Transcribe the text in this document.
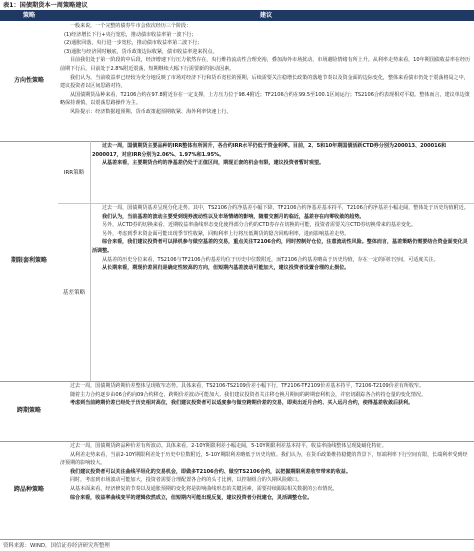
表1：国债期货本一周策略建议
策略	建议
方向性策略

一般来说，一个完整的债券牛市会依次经历三个阶段：

(1)经济增长下行+央行宽松，推动债市收益率第一波下行；

(2)通胀回落，央行进一步宽松，推动债市收益率第二波下行；

(3)通胀与经济同时触底，货币政策边际收紧，债市收益率迎来拐点。

目前我们处于第一阶段的中后段，经济增速下行压力依然存在，央行维持流动性合理充裕，叠加海外市场扰动，市场避险情绪有所上升。从利率走势来看，10年期国债收益率在经历前期下行后，目前处于2.8%附近震荡，短期继续大幅下行需要新的驱动因素。

我们认为，当前收益率已经较为充分地反映了市场对经济下行和货币宽松的预期，后续需要关注稳增长政策的落地节奏以及资金面的边际变化，整体来看债市仍处于震荡格局之中，建议投资者以区间思路对待。

从国债期货品种来看，T2106合约在97.8附近存在一定支撑，上方压力位于98.4附近；TF2106合约在99.5至100.1区间运行；TS2106合约表现相对平稳。整体而言，建议单边策略保持谨慎，以震荡思路操作为主。

风险提示：经济数据超预期、货币政策超预期收紧、海外利率快速上行。

期限套利策略
IRR策略

过去一周，国债期货主要品种的IRR整体有所回升，各合约IRR水平仍低于资金利率。目前，2、5和10年期国债活跃CTD券分别为200013、200016和2000017，对应IRR分别为2.06%、1.97%和1.95%。

从基差来看，主要期货合约的净基差仍处于正值区间，期现正套的机会有限，建议投资者暂时观望。

基差策略

过去一周，国债期货基差呈现分化走势。其中，TS2106合约净基差小幅下降，TF2106合约净基差基本持平，T2106合约净基差小幅走阔，整体处于历史均值附近。

我们认为，当前基差的波动主要受到现券流动性以及市场情绪的影响，随着交割月的临近，基差存在向零收敛的趋势。

另外，从CTD券的切换来看，近期收益率曲线形态变化使得部分合约的CTD券存在切换的可能，投资者需要关注CTD券切换带来的基差变化。

另外，考虑到季末资金面可能出现季节性收紧，回购利率上行将压低期货的隐含回购利率，进而影响基差走势。

综合来看，我们建议投资者可以择机参与做空基差的交易，重点关注T2106合约，同时控制好仓位，注意流动性风险。整体而言，基差策略仍需要结合资金面变化灵活调整。

从基差的历史分位来看，TS2106与TF2106合约基差均位于历史中位数附近，而T2106合约基差略高于历史均值，存在一定的回归空间，可适度关注。

从长期来看，期现价差回归是确定性较高的方向，但短期内基差波动可能加大，建议投资者设置合理的止损位。

跨期策略

过去一周，国债期货跨期价差整体呈现收窄态势。具体来看，TS2106-TS2109价差小幅下行，TF2106-TF2109价差基本持平，T2106-T2109价差有所收窄。

随着主力合约逐步由06合约向09合约移仓，跨期价差波动可能加大。我们建议投资者关注移仓换月期间的跨期套利机会，并密切跟踪各合约持仓量的变化情况。

考虑到当前跨期价差已经处于历史相对高位，我们建议投资者可以适度参与做空跨期价差的交易，即卖出近月合约、买入远月合约，使得基差收敛后获利。

跨品种策略

过去一周，国债期货跨品种价差有所波动。具体来看，2-10Y期限利差小幅走阔，5-10Y期限利差基本持平，收益率曲线整体呈现陡峭化特征。

从利差走势来看，当前2-10Y期限利差处于历史中位数附近，5-10Y期限利差略低于历史均值。我们认为，在货币政策维持稳健的背景下，短端利率下行空间有限，长端利率受到经济预期的影响较大。

我们建议投资者可以关注曲线平坦化的交易机会，即做多T2106合约、做空TS2106合约，以把握期限利差收窄带来的收益。

同时，考虑到市场波动可能加大，投资者需要合理配置各合约的头寸比例，以控制组合的久期风险敞口。

从基本面来看，经济修复的节奏以及通胀预期的变化将是影响曲线形态的关键因素，需要持续跟踪相关数据的公布情况。

综合来看，收益率曲线变平的逻辑依然成立，但短期内可能出现反复，建议投资者分批建仓，灵活调整仓位。

资料来源：WIND，国信证券经济研究所整理
